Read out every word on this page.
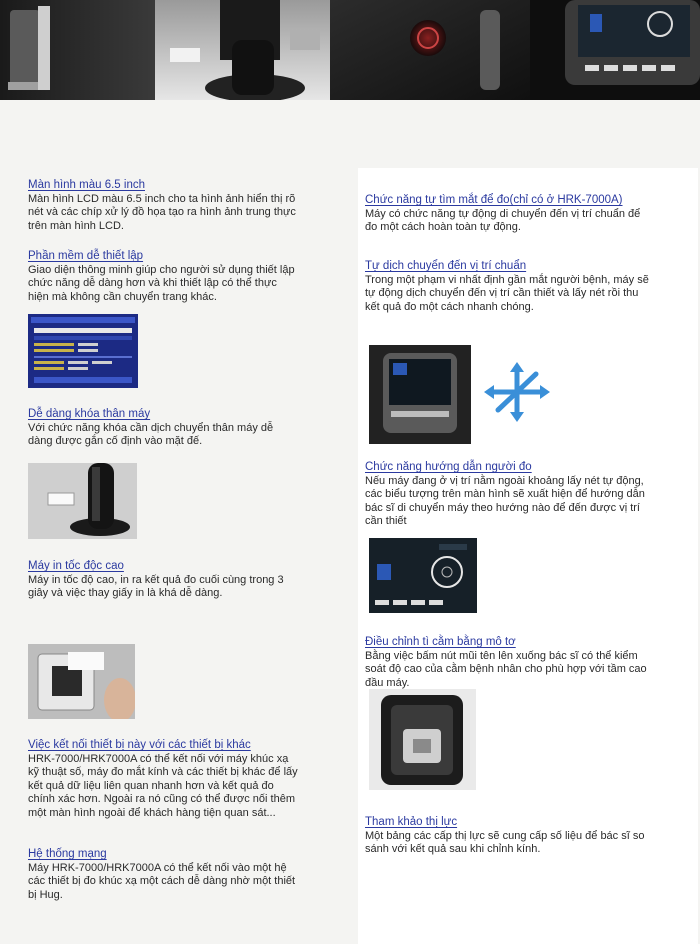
Màn hình màu 6.5 inch

Màn hình LCD màu 6.5 inch cho ta hình ảnh hiển thị rõ nét và các chíp xử lý đồ họa tạo ra hình ảnh trung thực trên màn hình LCD.

Phần mềm dễ thiết lập

Giao diện thông minh giúp cho người sử dụng thiết lập chức năng dễ dàng hơn và khi thiết lập có thể thực hiện mà không cần chuyển trang khác.

Dễ dàng khóa thân máy

Với chức năng khóa cần dịch chuyển thân máy dễ dàng được gắn cố định vào mặt đế.

Máy in tốc độc cao

Máy in tốc độ cao, in ra kết quả đo cuối cùng trong 3 giây và việc thay giấy in là khá dễ dàng.

Việc kết nối thiết bị này với các thiết bị khác

HRK-7000/HRK7000A có thể kết nối với máy khúc xạ kỹ thuật số, máy đo mắt kính và các thiết bị khác để lấy kết quả dữ liệu liên quan nhanh hơn và kết quả đo chính xác hơn. Ngoài ra nó cũng có thể được nối thêm một màn hình ngoài để khách hàng tiện quan sát...

Hệ thống mạng

Máy HRK-7000/HRK7000A có thể kết nối vào một hệ các thiết bị đo khúc xạ một cách dễ dàng nhờ một thiết bị Hug.

Chức năng tự tìm mắt để đo(chỉ có ở HRK-7000A)

Máy có chức năng tự động di chuyển đến vị trí chuẩn để đo một cách hoàn toàn tự động.

Tự dịch chuyển đến vị trí chuẩn

Trong một phạm vi nhất định gần mắt người bệnh, máy sẽ tự động dịch chuyển đến vị trí cần thiết và lấy nét rồi thu kết quả đo một cách nhanh chóng.

Chức năng hướng dẫn người đo

Nếu máy đang ở vị trí nằm ngoài khoảng lấy nét tự động, các biểu tượng trên màn hình sẽ xuất hiện để hướng dẫn bác sĩ di chuyển máy theo hướng nào để đến được vị trí cần thiết

Điều chỉnh tì cằm bằng mô tơ

Bằng việc bấm nút mũi tên lên xuống bác sĩ có thể kiểm soát độ cao của cằm bệnh nhân cho phù hợp với tầm cao đầu máy.

Tham khảo thị lực

Một bảng các cấp thị lực sẽ cung cấp số liệu để bác sĩ so sánh với kết quả sau khi chỉnh kính.
